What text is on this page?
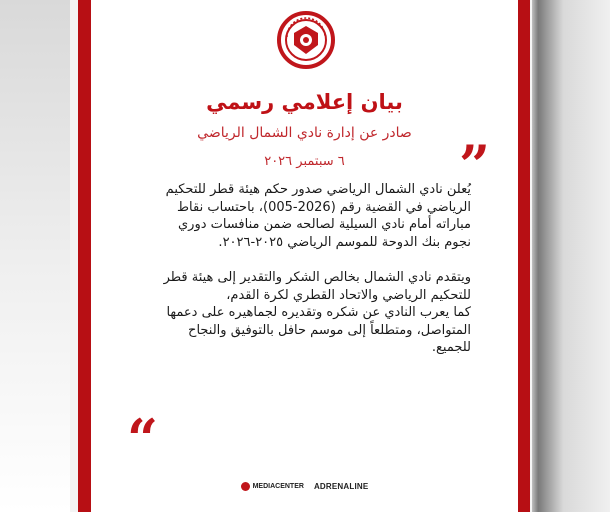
بيان إعلامي رسمي
صادر عن إدارة نادي الشمال الرياضي
٦ سبتمبر ٢٠٢٦	”
“

يُعلن نادي الشمال الرياضي صدور حكم هيئة قطر للتحكيم الرياضي في القضية رقم (2026-005)، باحتساب نقاط مباراته أمام نادي السيلية لصالحه ضمن منافسات دوري نجوم بنك الدوحة للموسم الرياضي ٢٠٢٥-٢٠٢٦.

ويتقدم نادي الشمال بخالص الشكر والتقدير إلى هيئة قطر للتحكيم الرياضي والاتحاد القطري لكرة القدم،

كما يعرب النادي عن شكره وتقديره لجماهيره على دعمها المتواصل، ومتطلعاً إلى موسم حافل بالتوفيق والنجاح للجميع.

MEDIACENTER ADRENALINE
